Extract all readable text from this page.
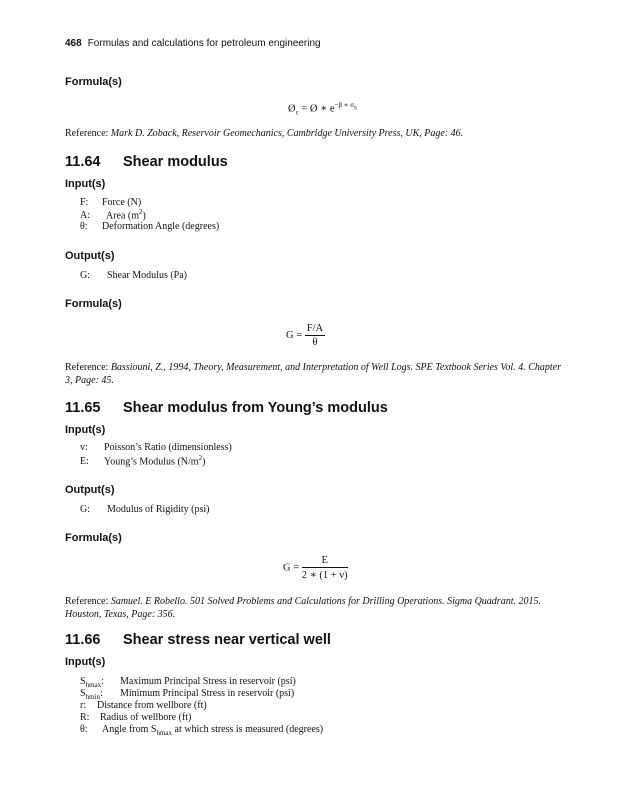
468 Formulas and calculations for petroleum engineering
Formula(s)
$Ø_c$ = Ø ∗ $e^{-\beta ∗ \sigma_s}$
Reference: Mark D. Zoback, Reservoir Geomechanics, Cambridge University Press, UK, Page: 46.
11.64 Shear modulus
Input(s)
F: Force (N)
A: Area $(m^2)$
θ: Deformation Angle (degrees)
Output(s)
G: Shear Modulus (Pa)
Formula(s)
$G = \frac{F/A}{\theta}$
Reference: Bassiouni, Z., 1994, Theory, Measurement, and Interpretation of Well Logs. SPE Textbook Series Vol. 4. Chapter 3, Page: 45.
11.65 Shear modulus from Young’s modulus
Input(s)
v: Poisson’s Ratio (dimensionless)
E: Young’s Modulus $(N/m^2)$
Output(s)
G: Modulus of Rigidity (psi)
Formula(s)
$G = \frac{E}{2 ∗ (1 + \nu)}$
Reference: Samuel. E Robello. 501 Solved Problems and Calculations for Drilling Operations. Sigma Quadrant. 2015. Houston, Texas, Page: 356.
11.66 Shear stress near vertical well
Input(s)
$S_{hmax}$: Maximum Principal Stress in reservoir (psi)
$S_{hmin}$: Minimum Principal Stress in reservoir (psi)
r: Distance from wellbore (ft)
R: Radius of wellbore (ft)
θ: Angle from $S_{hmax}$ at which stress is measured (degrees)
